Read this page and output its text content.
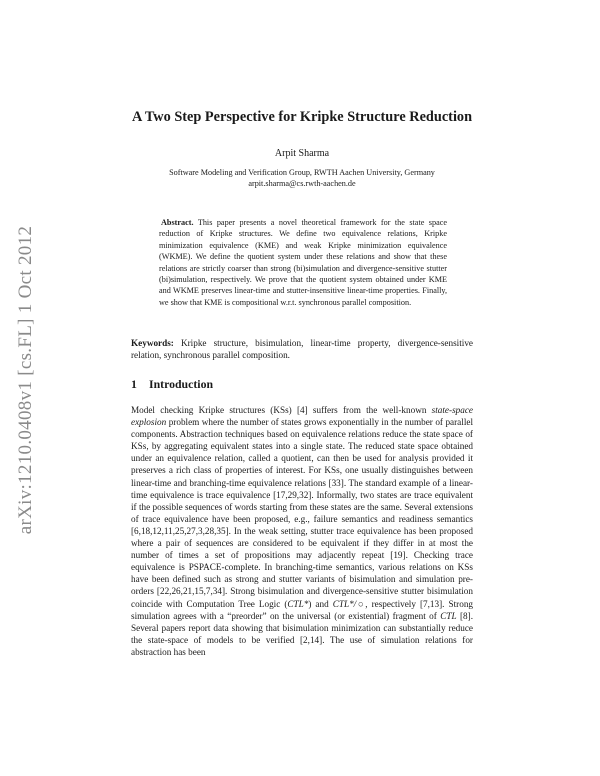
arXiv:1210.0408v1 [cs.FL] 1 Oct 2012
A Two Step Perspective for Kripke Structure Reduction
Arpit Sharma
Software Modeling and Verification Group, RWTH Aachen University, Germany
arpit.sharma@cs.rwth-aachen.de
Abstract. This paper presents a novel theoretical framework for the state space reduction of Kripke structures. We define two equivalence relations, Kripke minimization equivalence (KME) and weak Kripke minimization equivalence (WKME). We define the quotient system under these relations and show that these relations are strictly coarser than strong (bi)simulation and divergence-sensitive stutter (bi)simulation, respectively. We prove that the quotient system obtained under KME and WKME preserves linear-time and stutter-insensitive linear-time properties. Finally, we show that KME is compositional w.r.t. synchronous parallel composition.
Keywords: Kripke structure, bisimulation, linear-time property, divergence-sensitive relation, synchronous parallel composition.
1 Introduction
Model checking Kripke structures (KSs) [4] suffers from the well-known state-space explosion problem where the number of states grows exponentially in the number of parallel components. Abstraction techniques based on equivalence relations reduce the state space of KSs, by aggregating equivalent states into a single state. The reduced state space obtained under an equivalence relation, called a quotient, can then be used for analysis provided it preserves a rich class of properties of interest. For KSs, one usually distinguishes between linear-time and branching-time equivalence relations [33]. The standard example of a linear-time equivalence is trace equivalence [17,29,32]. Informally, two states are trace equivalent if the possible sequences of words starting from these states are the same. Several extensions of trace equivalence have been proposed, e.g., failure semantics and readiness semantics [6,18,12,11,25,27,3,28,35]. In the weak setting, stutter trace equivalence has been proposed where a pair of sequences are considered to be equivalent if they differ in at most the number of times a set of propositions may adjacently repeat [19]. Checking trace equivalence is PSPACE-complete. In branching-time semantics, various relations on KSs have been defined such as strong and stutter variants of bisimulation and simulation pre-orders [22,26,21,15,7,34]. Strong bisimulation and divergence-sensitive stutter bisimulation coincide with Computation Tree Logic (CTL*) and CTL*/○, respectively [7,13]. Strong simulation agrees with a “preorder” on the universal (or existential) fragment of CTL [8]. Several papers report data showing that bisimulation minimization can substantially reduce the state-space of models to be verified [2,14]. The use of simulation relations for abstraction has been
